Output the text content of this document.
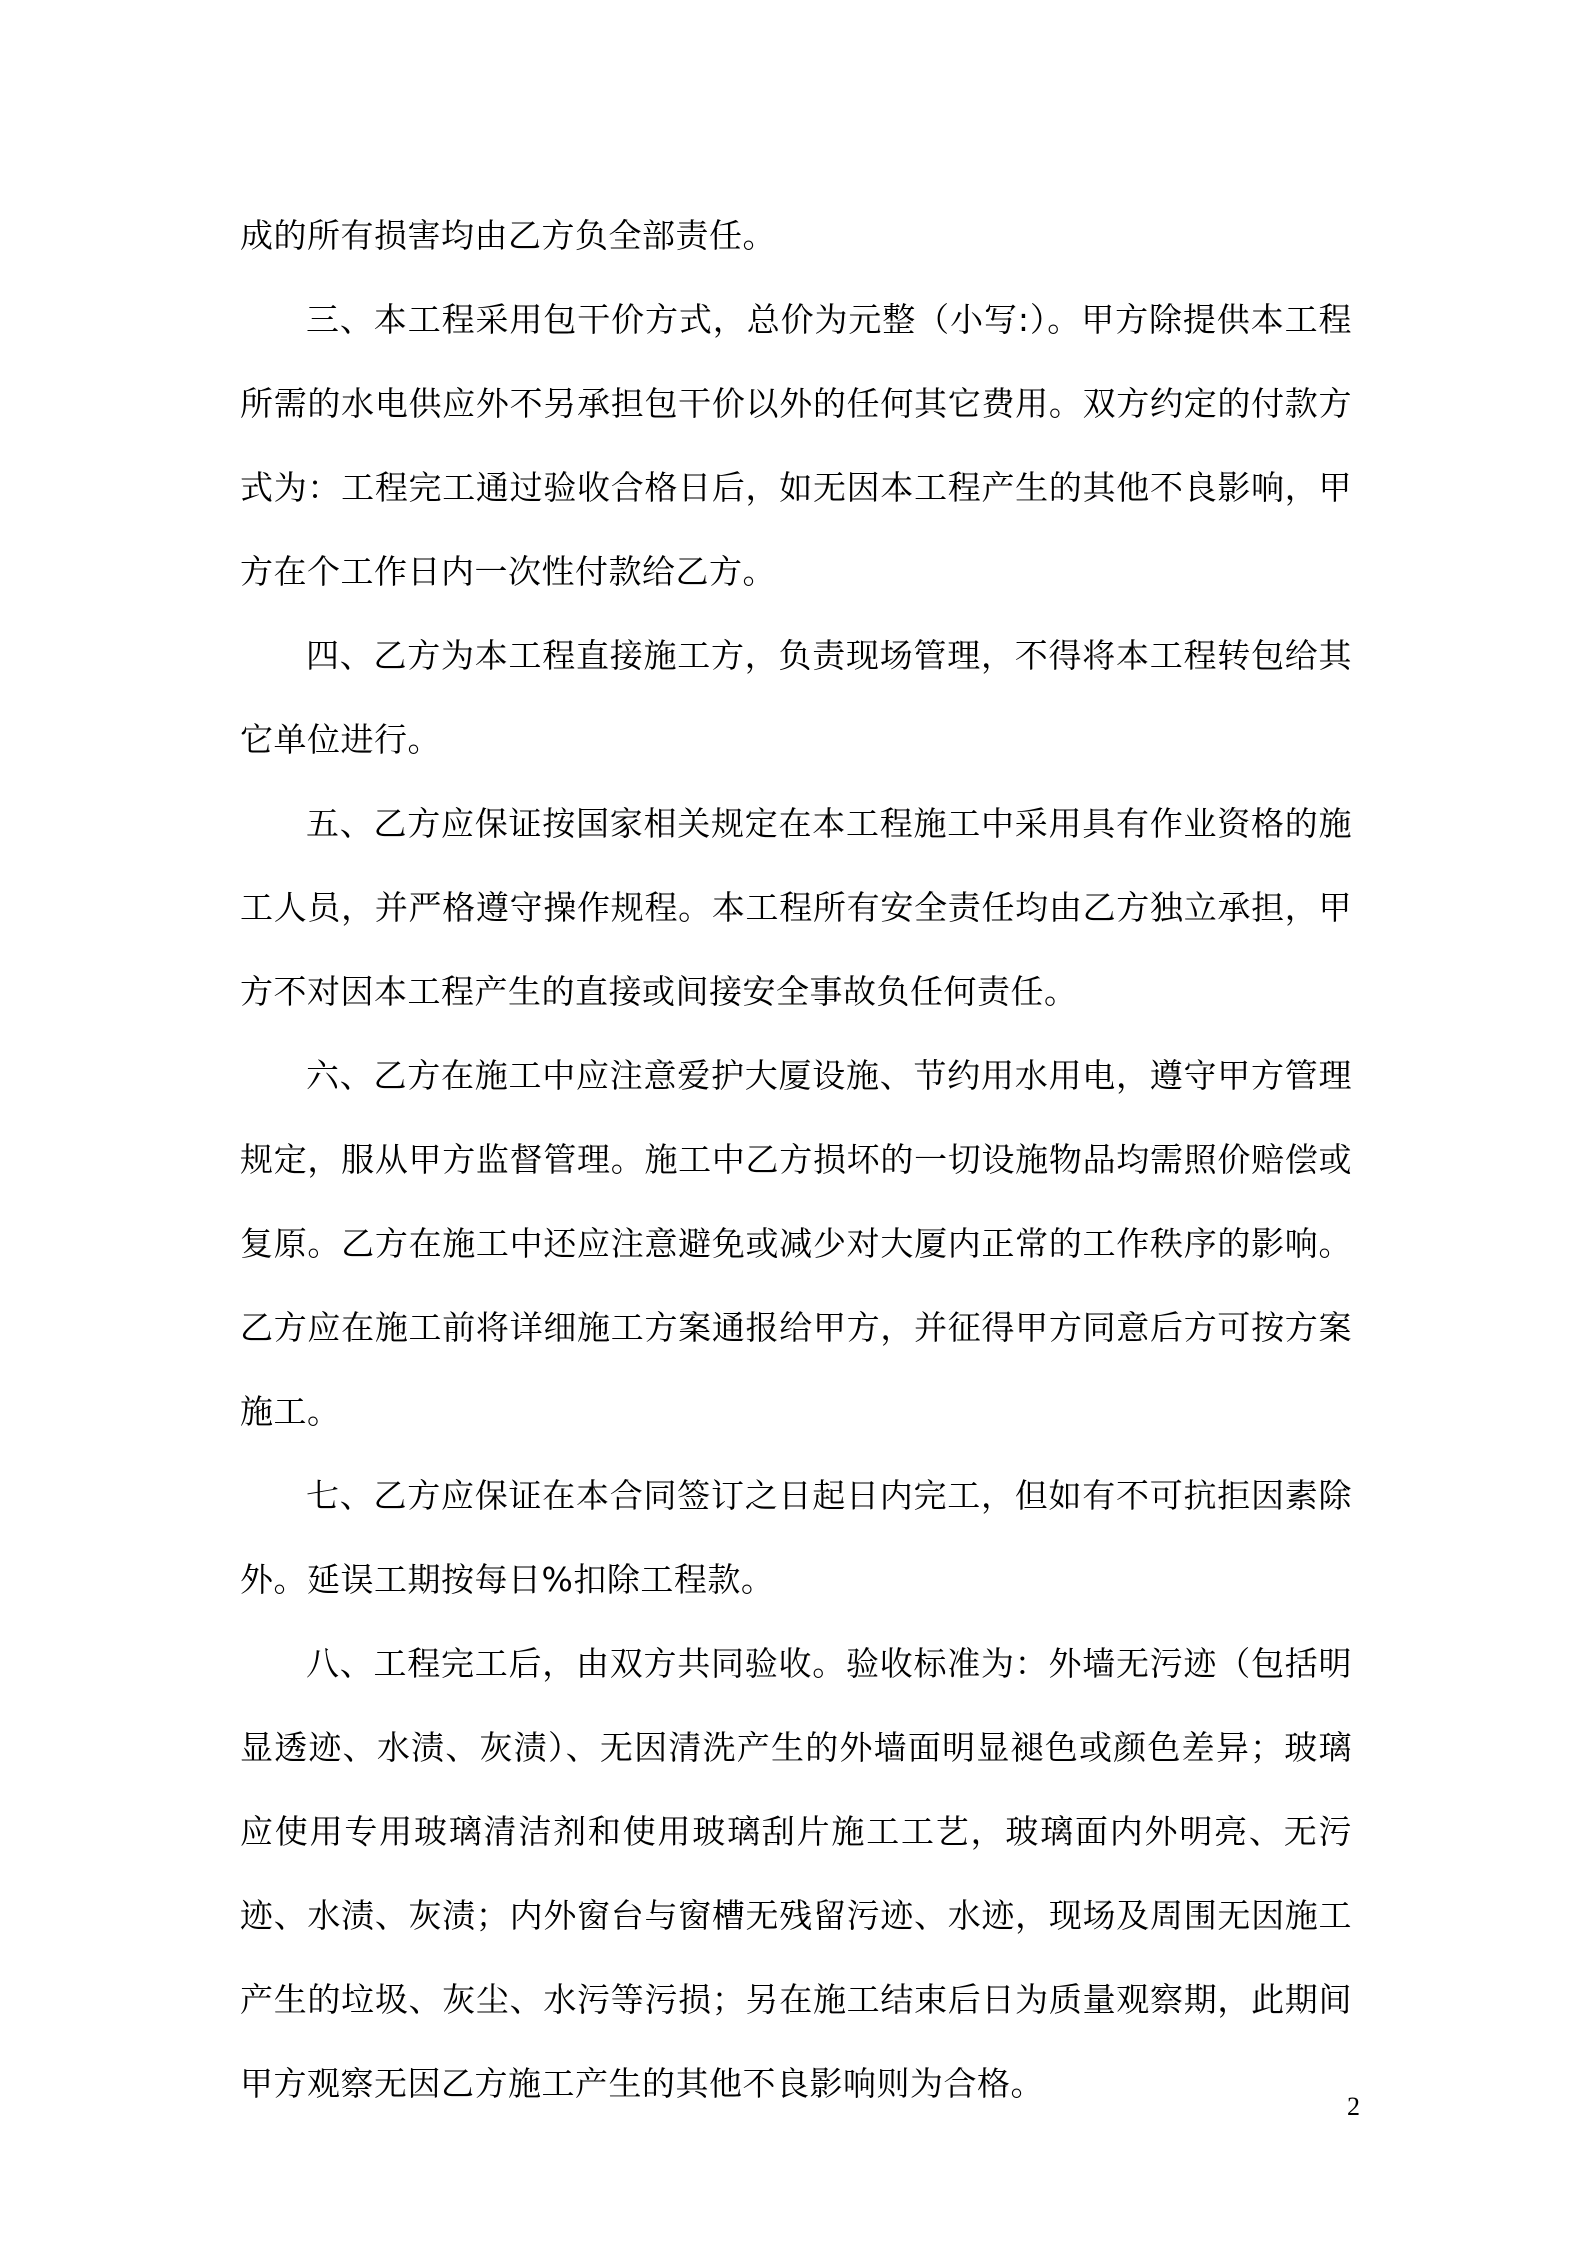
成的所有损害均由乙方负全部责任。

三、本工程采用包干价方式，总价为元整（小写:）。甲方除提供本工程所需的水电供应外不另承担包干价以外的任何其它费用。双方约定的付款方式为：工程完工通过验收合格日后，如无因本工程产生的其他不良影响，甲方在个工作日内一次性付款给乙方。

四、乙方为本工程直接施工方，负责现场管理，不得将本工程转包给其它单位进行。

五、乙方应保证按国家相关规定在本工程施工中采用具有作业资格的施工人员，并严格遵守操作规程。本工程所有安全责任均由乙方独立承担，甲方不对因本工程产生的直接或间接安全事故负任何责任。

六、乙方在施工中应注意爱护大厦设施、节约用水用电，遵守甲方管理规定，服从甲方监督管理。施工中乙方损坏的一切设施物品均需照价赔偿或复原。乙方在施工中还应注意避免或减少对大厦内正常的工作秩序的影响。乙方应在施工前将详细施工方案通报给甲方，并征得甲方同意后方可按方案施工。

七、乙方应保证在本合同签订之日起日内完工，但如有不可抗拒因素除外。延误工期按每日%扣除工程款。

八、工程完工后，由双方共同验收。验收标准为：外墙无污迹（包括明显透迹、水渍、灰渍）、无因清洗产生的外墙面明显褪色或颜色差异；玻璃应使用专用玻璃清洁剂和使用玻璃刮片施工工艺，玻璃面内外明亮、无污迹、水渍、灰渍；内外窗台与窗槽无残留污迹、水迹，现场及周围无因施工产生的垃圾、灰尘、水污等污损；另在施工结束后日为质量观察期，此期间甲方观察无因乙方施工产生的其他不良影响则为合格。

2
